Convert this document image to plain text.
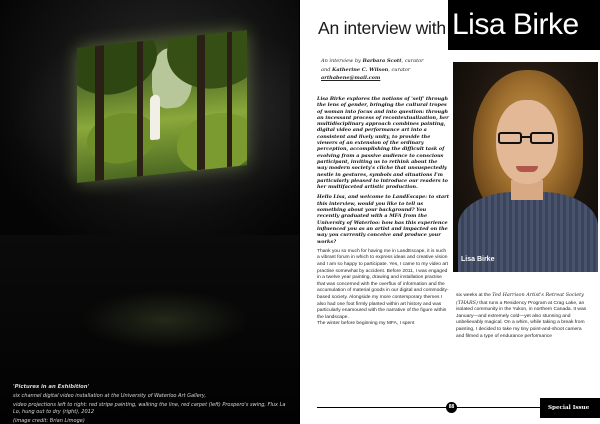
'Pictures in an Exhibition'

six channel digital video installation at the University of Waterloo Art Gallery,

video projections left to right: red stripe painting, walking the line, red carpet (left) Prospero's swing, Flux La Lo, hung out to dry (right), 2012

(image credit: Brian Limoge)

An interview with Lisa Birke
An interview by Barbara Scott, curator
and Katherine C. Wilson, curator
arthabene@mail.com

Lisa Birke explores the notions of 'self' through the lens of gender, bringing the cultural tropes of woman into focus and into question: through an incessant process of recontextualization, her multidisciplinary approach combines painting, digital video and performance art into a consistent and lively unity, to provide the viewers of an extension of the ordinary perception, accomplishing the difficult task of evolving from a passive audience to conscious participant, inviting us to rethink about the way modern society's cliche that unsuspectedly nestle in gestures, symbols and situations I'm particularly pleased to introduce our readers to her multifaceted artistic production.

Hello Lisa, and welcome to LandEscape: to start this interview, would you like to tell us something about your background? You recently graduated with a MFA from the University of Waterloo: how has this experience influenced you as an artist and impacted on the way you currently conceive and produce your works?

Thank you so much for having me in LandEscape, it is such a vibrant forum in which to express ideas and creative vision and I am so happy to participate. Yes, I came to my video art practise somewhat by accident. Before 2011, I was engaged in a twelve year painting, drawing and installation practise that was concerned with the overflux of information and the accumulation of material goods in our digital and commodity-based society. Alongside my more contemporary themes I also had one foot firmly planted within art history and was particularly enamoured with the narrative of the figure within the landscape.
The winter before beginning my MFA, I spent

Lisa Birke

six weeks at the Ted Harrison Artist's Retreat Society (THARS) that runs a Residency Program at Crag Lake, an isolated community in the Yukon, in northern Canada. It was January—and extremely cold—yet also stunning and unbelievably magical. On a whim, while taking a break from painting, I decided to take my tiny point-and-shoot camera and filmed a type of endurance performance

88	Special Issue
